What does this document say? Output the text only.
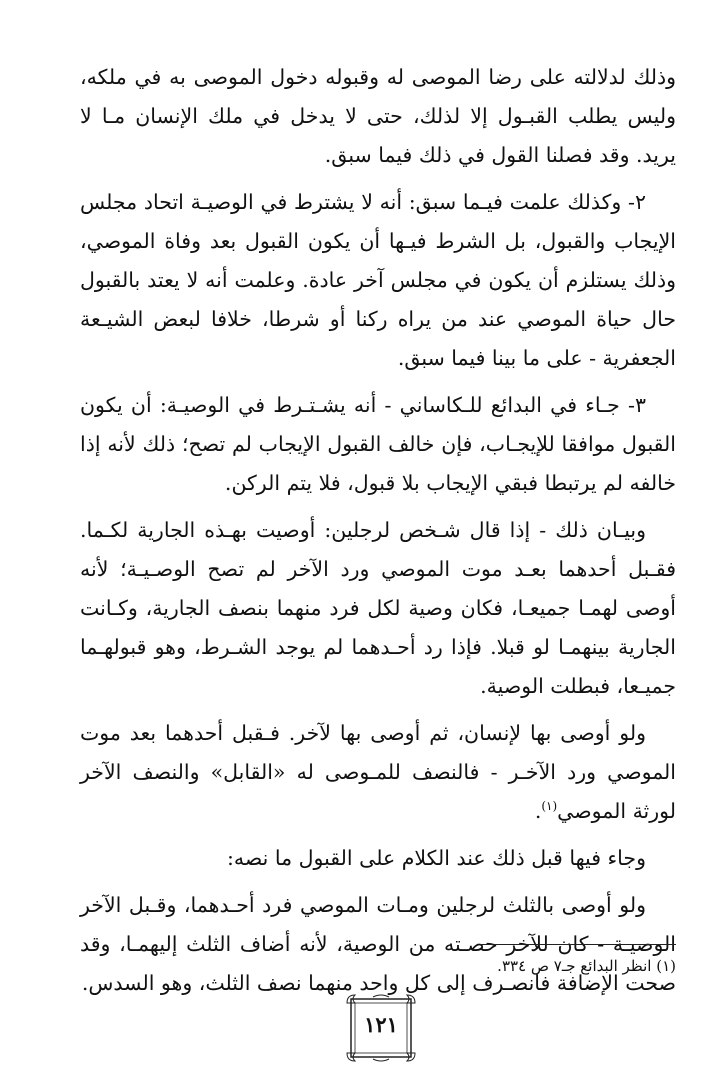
وذلك لدلالته على رضا الموصى له وقبوله دخول الموصى به في ملكه، وليس يطلب القبـول إلا لذلك، حتى لا يدخل في ملك الإنسان مـا لا يريد. وقد فصلنا القول في ذلك فيما سبق.

٢- وكذلك علمت فيـما سبق: أنه لا يشترط في الوصيـة اتحاد مجلس الإيجاب والقبول، بل الشرط فيـها أن يكون القبول بعد وفاة الموصي، وذلك يستلزم أن يكون في مجلس آخر عادة. وعلمت أنه لا يعتد بالقبول حال حياة الموصي عند من يراه ركنا أو شرطا، خلافا لبعض الشيـعة الجعفرية - على ما بينا فيما سبق.

٣- جـاء في البدائع للـكاساني - أنه يشـتـرط في الوصيـة: أن يكون القبول موافقا للإيجـاب، فإن خالف القبول الإيجاب لم تصح؛ ذلك لأنه إذا خالفه لم يرتبطا فبقي الإيجاب بلا قبول، فلا يتم الركن.

وبيـان ذلك - إذا قال شـخص لرجلين: أوصيت بهـذه الجارية لكـما. فقـبل أحدهما بعـد موت الموصي ورد الآخر لم تصح الوصـيـة؛ لأنه أوصى لهمـا جميعـا، فكان وصية لكل فرد منهما بنصف الجارية، وكـانت الجارية بينهمـا لو قبلا. فإذا رد أحـدهما لم يوجد الشـرط، وهو قبولهـما جميـعا، فبطلت الوصية.

ولو أوصى بها لإنسان، ثم أوصى بها لآخر. فـقبل أحدهما بعد موت الموصي ورد الآخـر - فالنصف للمـوصى له «القابل» والنصف الآخر لورثة الموصي$^{(١)}$.

وجاء فيها قبل ذلك عند الكلام على القبول ما نصه:

ولو أوصى بالثلث لرجلين ومـات الموصي فرد أحـدهما، وقـبل الآخر الوصيـة - كان للآخر حصـته من الوصية، لأنه أضاف الثلث إليهمـا، وقد صحت الإضافة فانصـرف إلى كل واحد منهما نصف الثلث، وهو السدس.

(١) انظر البدائع جـ٧ ص ٣٣٤.
١٢١
